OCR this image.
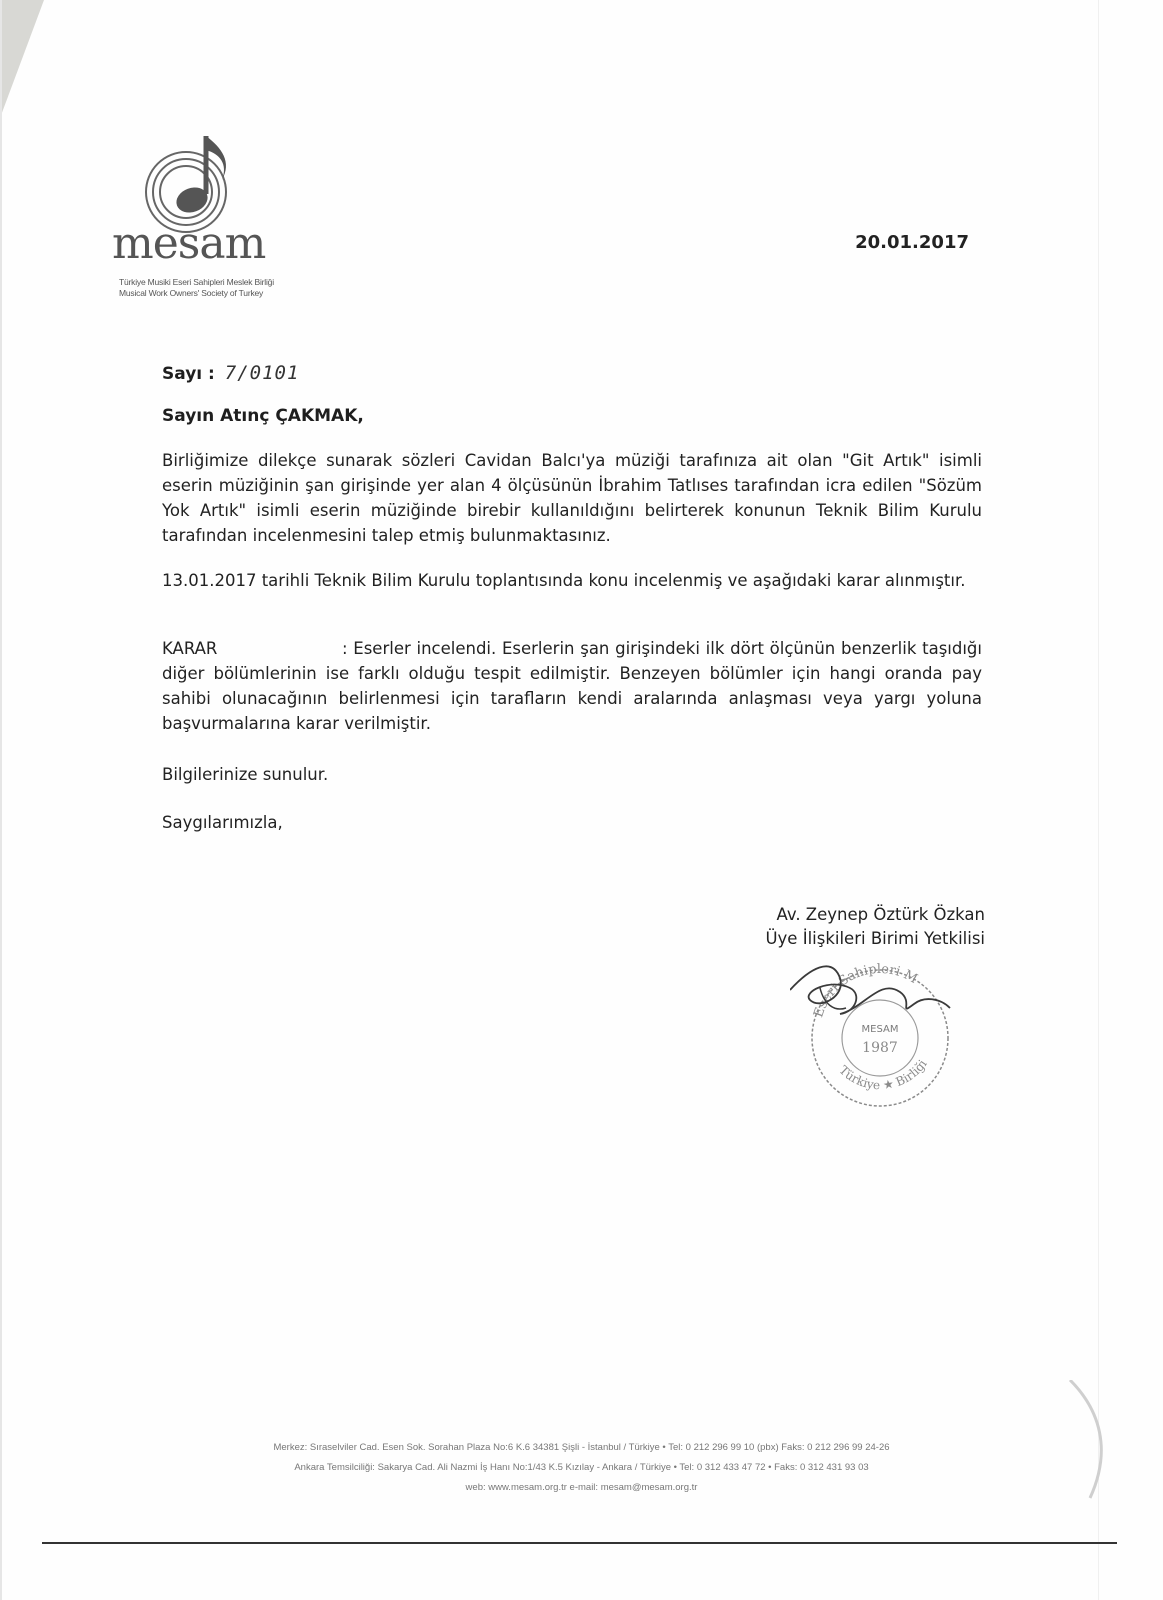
mesam
Türkiye Musiki Eseri Sahipleri Meslek Birliği
Musical Work Owners' Society of Turkey
20.01.2017
Sayı : 7/0101
Sayın Atınç ÇAKMAK,
Birliğimize dilekçe sunarak sözleri Cavidan Balcı'ya müziği tarafınıza ait olan "Git Artık" isimli eserin müziğinin şan girişinde yer alan 4 ölçüsünün İbrahim Tatlıses tarafından icra edilen "Sözüm Yok Artık" isimli eserin müziğinde birebir kullanıldığını belirterek konunun Teknik Bilim Kurulu tarafından incelenmesini talep etmiş bulunmaktasınız.
13.01.2017 tarihli Teknik Bilim Kurulu toplantısında konu incelenmiş ve aşağıdaki karar alınmıştır.
KARAR	: Eserler incelendi. Eserlerin şan girişindeki ilk dört ölçünün benzerlik taşıdığı diğer bölümlerinin ise farklı olduğu tespit edilmiştir. Benzeyen bölümler için hangi oranda pay sahibi olunacağının belirlenmesi için tarafların kendi aralarında anlaşması veya yargı yoluna başvurmalarına karar verilmiştir.
Bilgilerinize sunulur.
Saygılarımızla,
Av. Zeynep Öztürk Özkan
Üye İlişkileri Birimi Yetkilisi
Eseri Sahipleri M
Türkiye ★ Birliği
MESAM
1987
Merkez: Sıraselviler Cad. Esen Sok. Sorahan Plaza No:6 K.6 34381 Şişli - İstanbul / Türkiye • Tel: 0 212 296 99 10 (pbx) Faks: 0 212 296 99 24-26
Ankara Temsilciliği: Sakarya Cad. Ali Nazmi İş Hanı No:1/43 K.5 Kızılay - Ankara / Türkiye • Tel: 0 312 433 47 72 • Faks: 0 312 431 93 03
web: www.mesam.org.tr e-mail: mesam@mesam.org.tr
